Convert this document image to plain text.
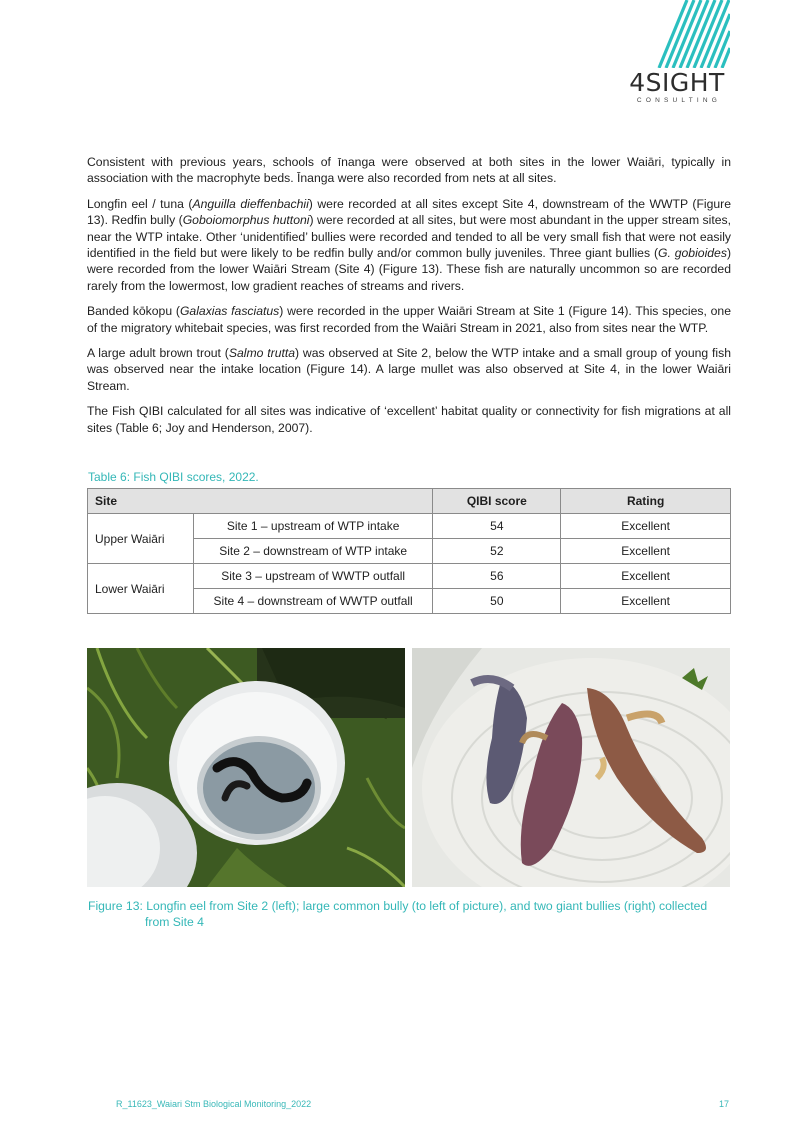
4SIGHT
CONSULTING

Consistent with previous years, schools of īnanga were observed at both sites in the lower Waiāri, typically in association with the macrophyte beds. Īnanga were also recorded from nets at all sites.

Longfin eel / tuna (Anguilla dieffenbachii) were recorded at all sites except Site 4, downstream of the WWTP (Figure 13). Redfin bully (Goboiomorphus huttoni) were recorded at all sites, but were most abundant in the upper stream sites, near the WTP intake. Other ‘unidentified’ bullies were recorded and tended to all be very small fish that were not easily identified in the field but were likely to be redfin bully and/or common bully juveniles. Three giant bullies (G. gobioides) were recorded from the lower Waiāri Stream (Site 4) (Figure 13). These fish are naturally uncommon so are recorded rarely from the lowermost, low gradient reaches of streams and rivers.

Banded kōkopu (Galaxias fasciatus) were recorded in the upper Waiāri Stream at Site 1 (Figure 14). This species, one of the migratory whitebait species, was first recorded from the Waiāri Stream in 2021, also from sites near the WTP.

A large adult brown trout (Salmo trutta) was observed at Site 2, below the WTP intake and a small group of young fish was observed near the intake location (Figure 14). A large mullet was also observed at Site 4, in the lower Waiāri Stream.

The Fish QIBI calculated for all sites was indicative of ‘excellent’ habitat quality or connectivity for fish migrations at all sites (Table 6; Joy and Henderson, 2007).

Table 6: Fish QIBI scores, 2022.
Site		QIBI score	Rating
Upper Waiāri	Site 1 – upstream of WTP intake	54	Excellent
	Site 2 – downstream of WTP intake	52	Excellent
Lower Waiāri	Site 3 – upstream of WWTP outfall	56	Excellent
	Site 4 – downstream of WWTP outfall	50	Excellent
Figure 13: Longfin eel from Site 2 (left); large common bully (to left of picture), and two giant bullies (right) collected
from Site 4
R_11623_Waiari Stm Biological Monitoring_2022	17
